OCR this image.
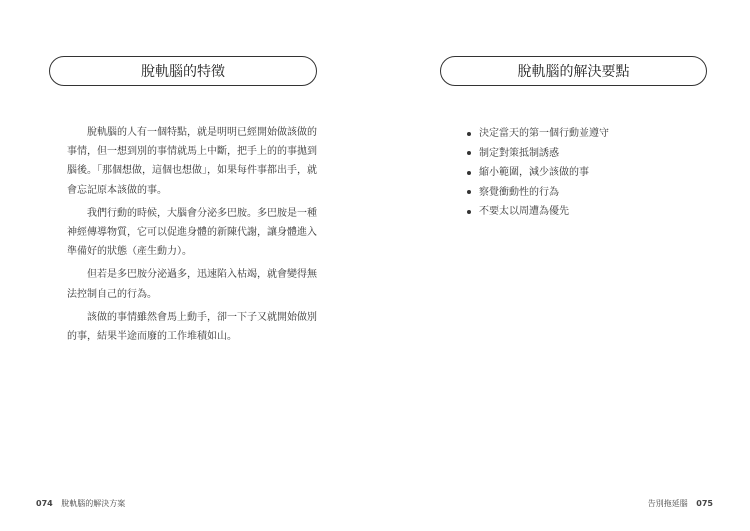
脫軌腦的特徵

脫軌腦的人有一個特點，就是明明已經開始做該做的事情，但一想到別的事情就馬上中斷，把手上的的事拋到腦後。「那個想做，這個也想做」，如果每件事都出手，就會忘記原本該做的事。

我們行動的時候，大腦會分泌多巴胺。多巴胺是一種神經傳導物質，它可以促進身體的新陳代謝，讓身體進入準備好的狀態（產生動力）。

但若是多巴胺分泌過多，迅速陷入枯竭，就會變得無法控制自己的行為。

該做的事情雖然會馬上動手，卻一下子又就開始做別的事，結果半途而廢的工作堆積如山。

074 脫軌腦的解決方案
脫軌腦的解決要點
決定當天的第一個行動並遵守
制定對策抵制誘惑
縮小範圍，減少該做的事
察覺衝動性的行為
不要太以周遭為優先
告別拖延腦 075
